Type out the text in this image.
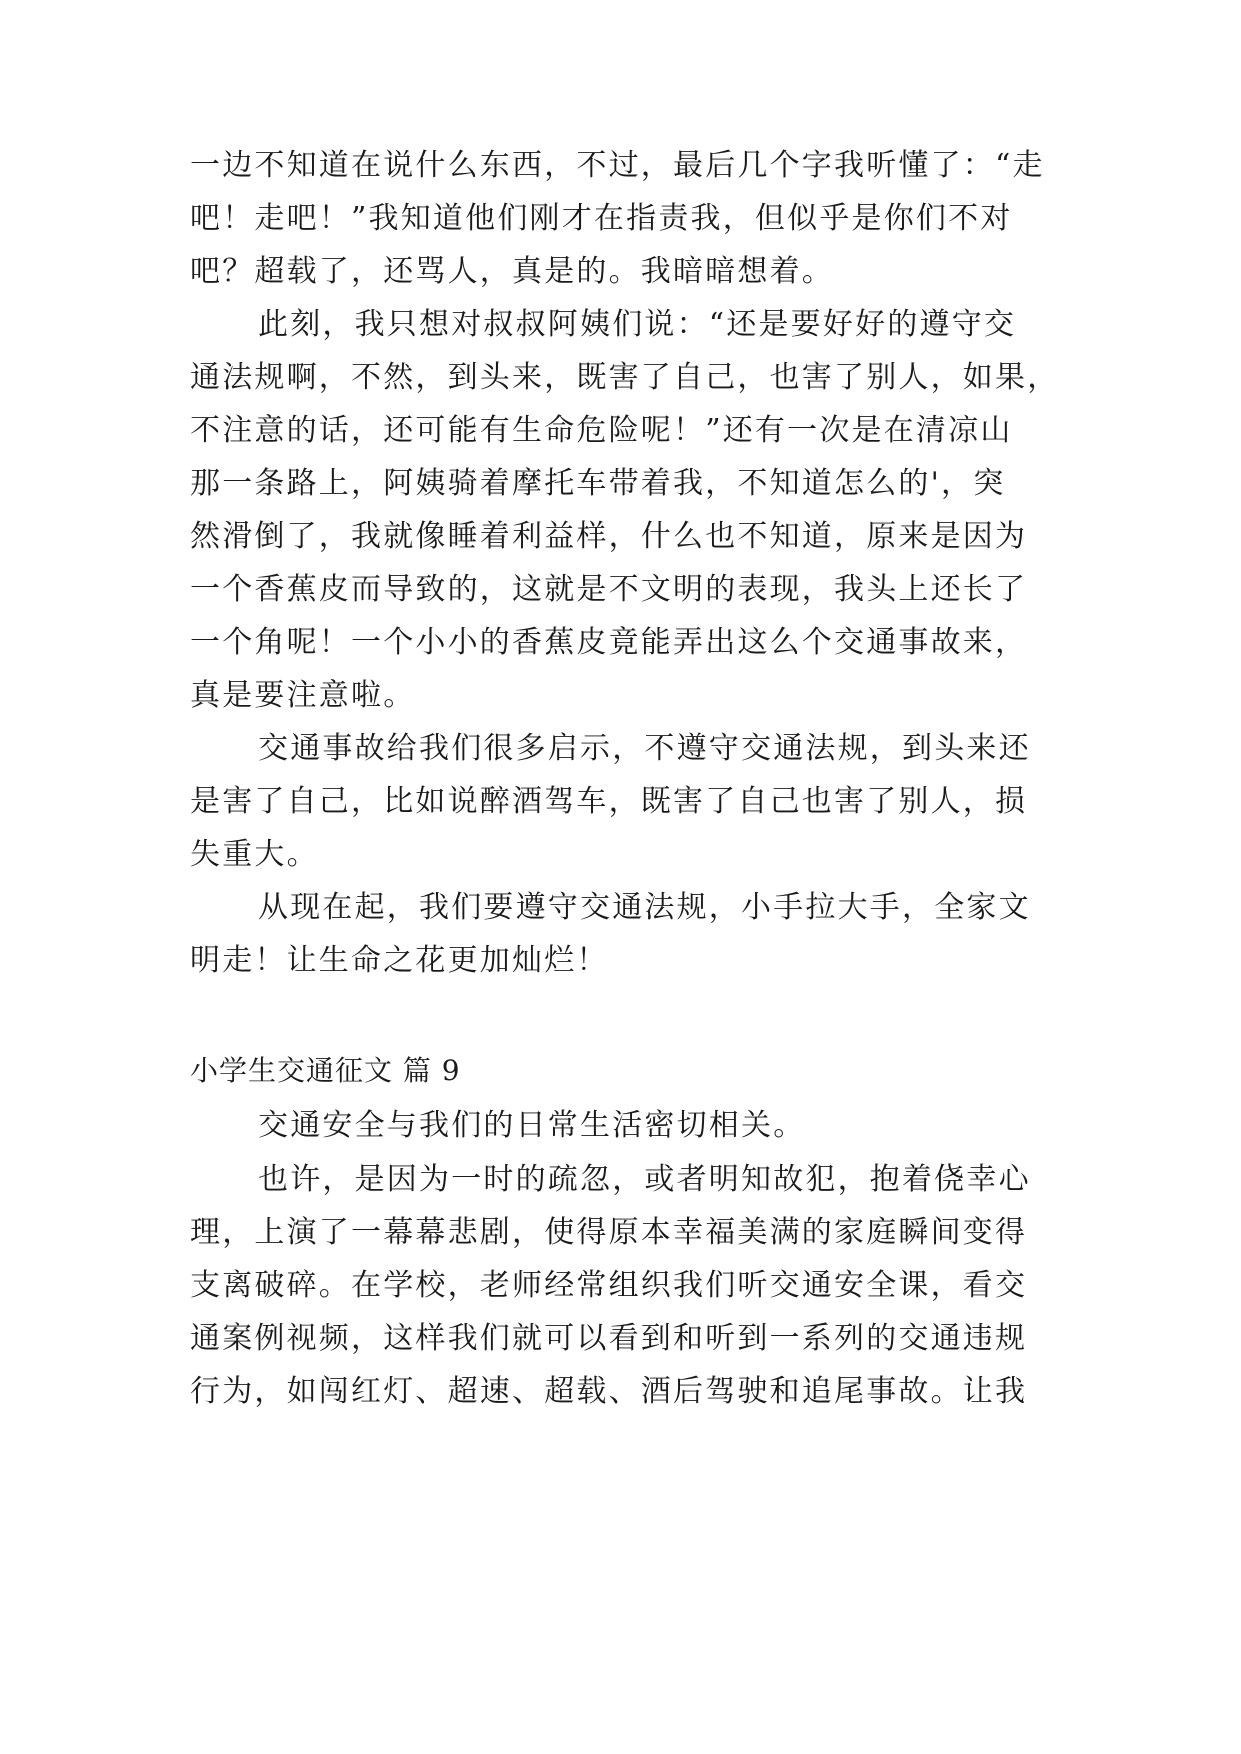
一边不知道在说什么东西，不过，最后几个字我听懂了：“走
吧！走吧！”我知道他们刚才在指责我，但似乎是你们不对
吧？超载了，还骂人，真是的。我暗暗想着。
此刻，我只想对叔叔阿姨们说：“还是要好好的遵守交
通法规啊，不然，到头来，既害了自己，也害了别人，如果，
不注意的话，还可能有生命危险呢！”还有一次是在清凉山
那一条路上，阿姨骑着摩托车带着我，不知道怎么的'，突
然滑倒了，我就像睡着利益样，什么也不知道，原来是因为
一个香蕉皮而导致的，这就是不文明的表现，我头上还长了
一个角呢！一个小小的香蕉皮竟能弄出这么个交通事故来，
真是要注意啦。
交通事故给我们很多启示，不遵守交通法规，到头来还
是害了自己，比如说醉酒驾车，既害了自己也害了别人，损
失重大。
从现在起，我们要遵守交通法规，小手拉大手，全家文
明走！让生命之花更加灿烂！
小学生交通征文 篇 9
交通安全与我们的日常生活密切相关。
也许，是因为一时的疏忽，或者明知故犯，抱着侥幸心
理，上演了一幕幕悲剧，使得原本幸福美满的家庭瞬间变得
支离破碎。在学校，老师经常组织我们听交通安全课，看交
通案例视频，这样我们就可以看到和听到一系列的交通违规
行为，如闯红灯、超速、超载、酒后驾驶和追尾事故。让我
